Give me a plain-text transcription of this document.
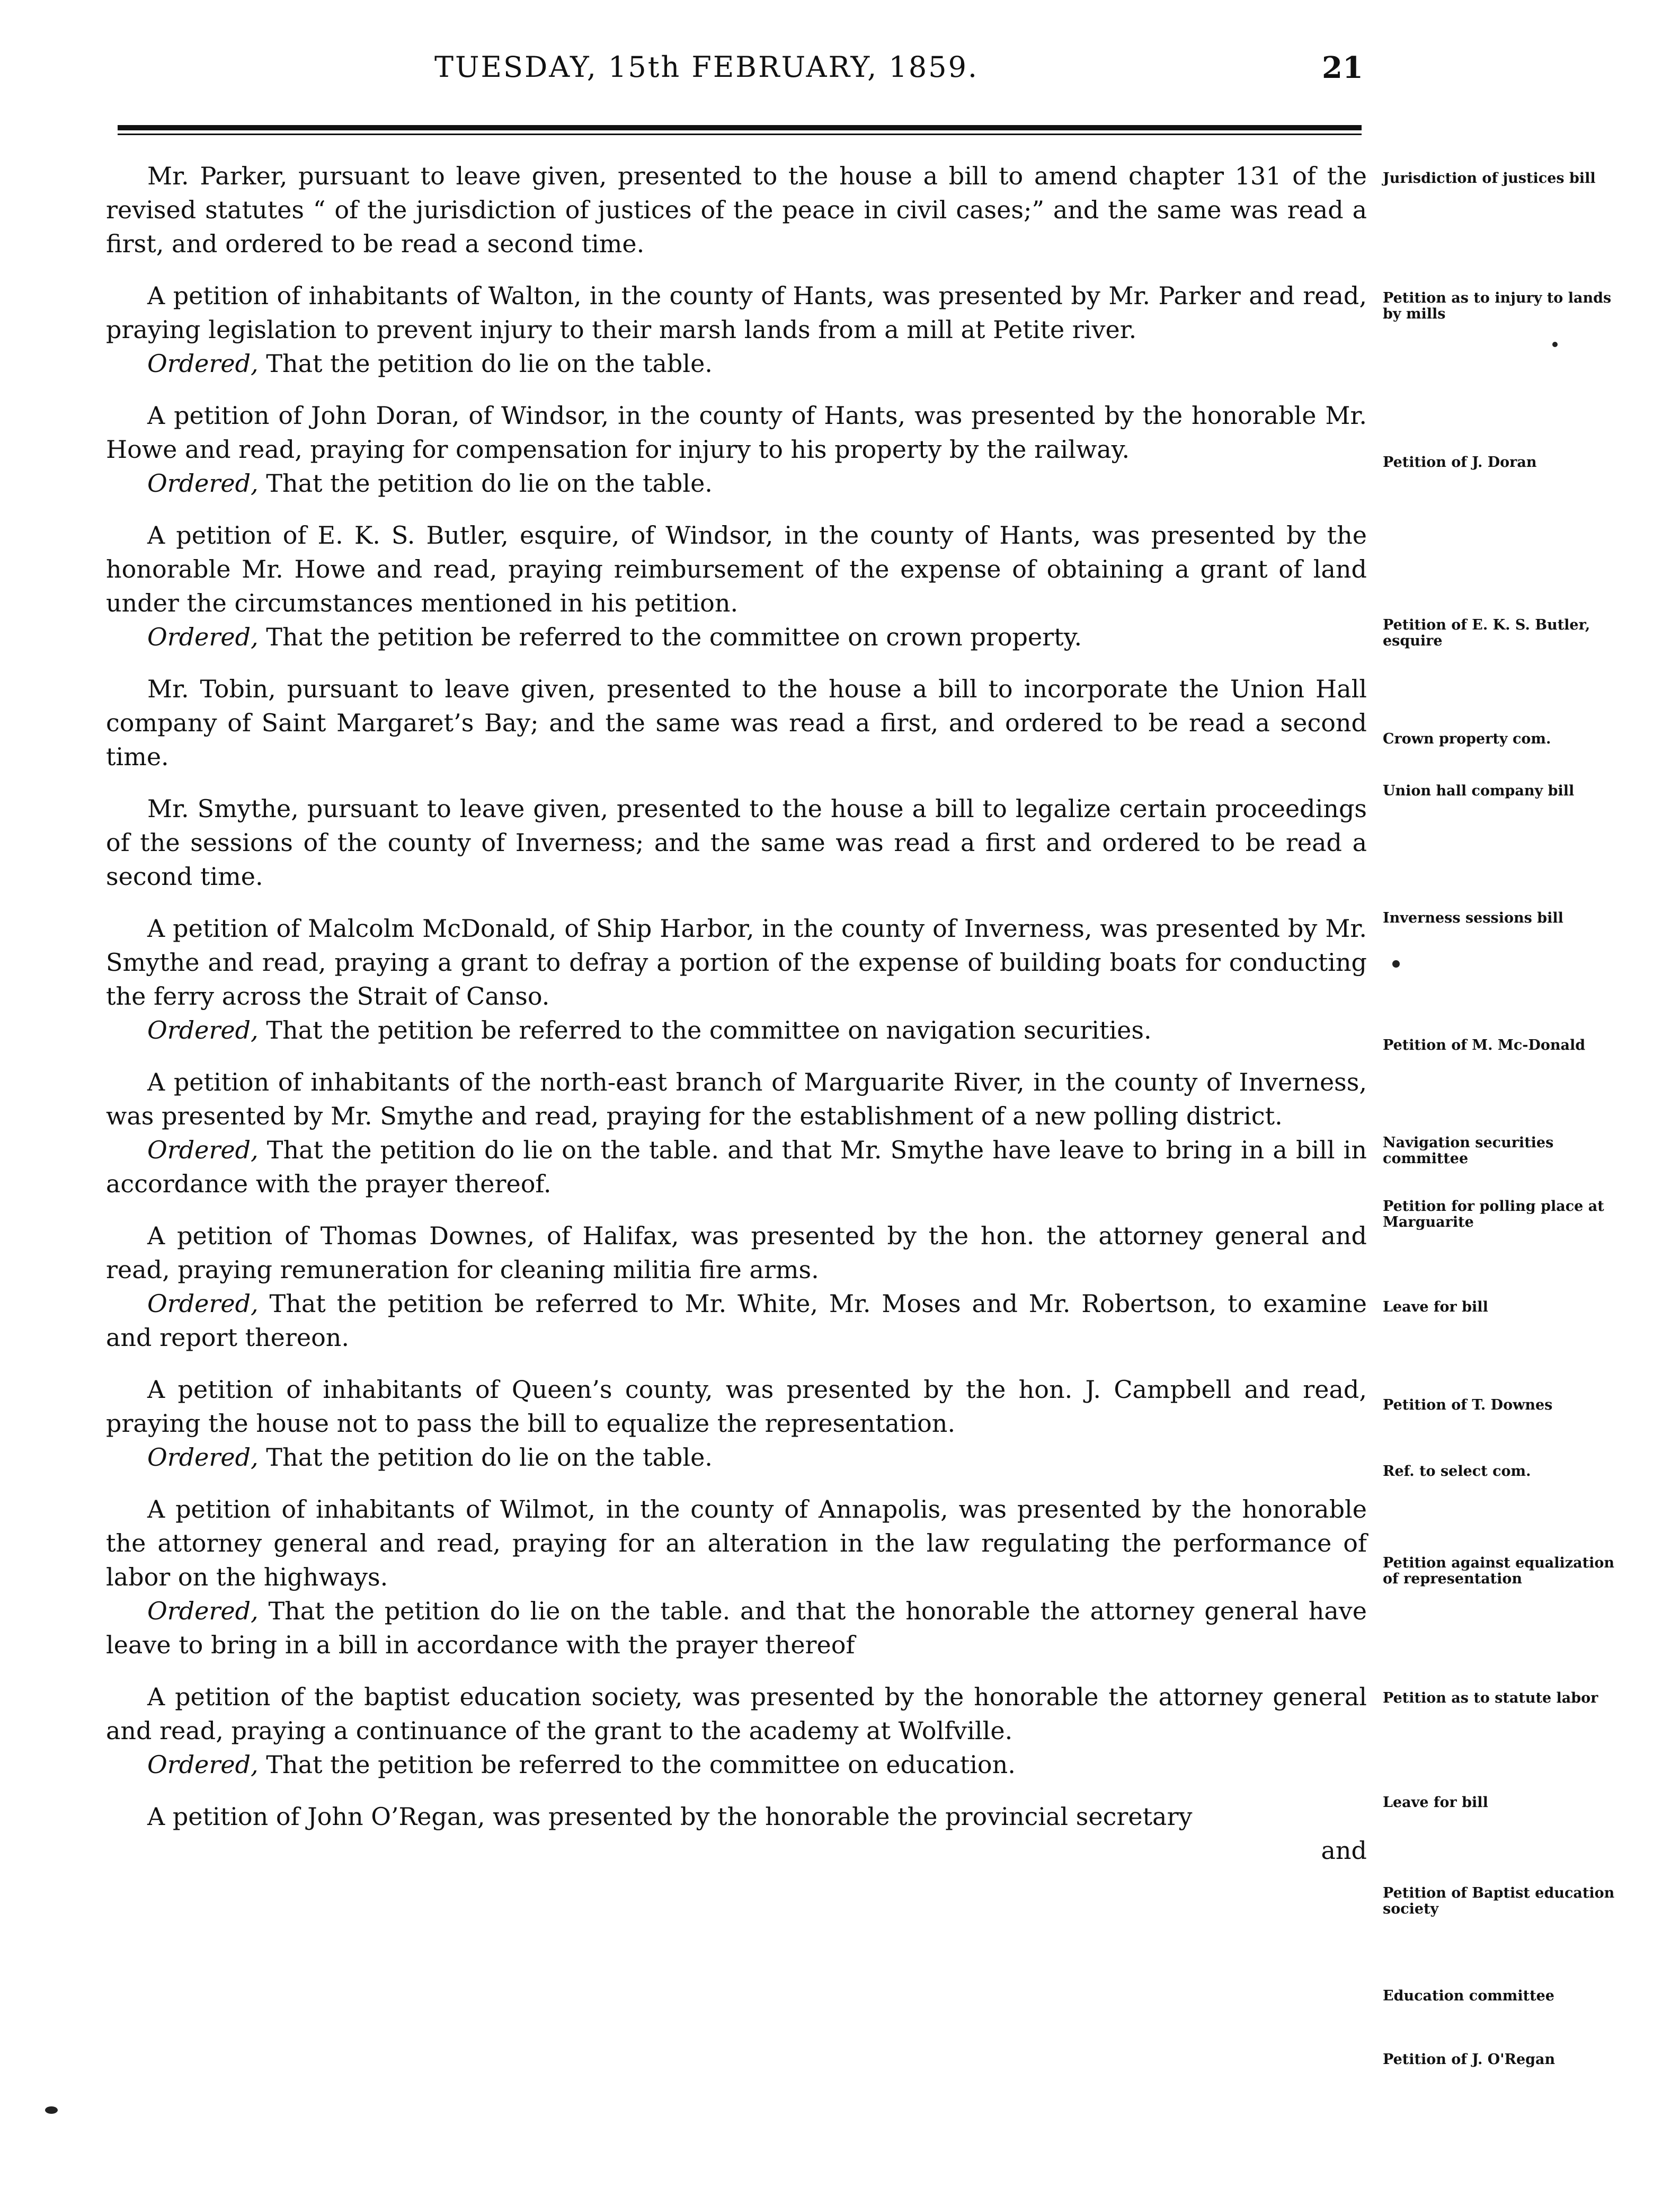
TUESDAY, 15th FEBRUARY, 1859.	21

Mr. Parker, pursuant to leave given, presented to the house a bill to amend chapter 131 of the revised statutes “ of the jurisdiction of justices of the peace in civil cases;” and the same was read a first, and ordered to be read a second time.

A petition of inhabitants of Walton, in the county of Hants, was presented by Mr. Parker and read, praying legislation to prevent injury to their marsh lands from a mill at Petite river.

Ordered, That the petition do lie on the table.

A petition of John Doran, of Windsor, in the county of Hants, was presented by the honorable Mr. Howe and read, praying for compensation for injury to his property by the railway.

Ordered, That the petition do lie on the table.

A petition of E. K. S. Butler, esquire, of Windsor, in the county of Hants, was presented by the honorable Mr. Howe and read, praying reimbursement of the expense of obtaining a grant of land under the circumstances mentioned in his petition.

Ordered, That the petition be referred to the committee on crown property.

Mr. Tobin, pursuant to leave given, presented to the house a bill to incorporate the Union Hall company of Saint Margaret’s Bay; and the same was read a first, and ordered to be read a second time.

Mr. Smythe, pursuant to leave given, presented to the house a bill to legalize certain proceedings of the sessions of the county of Inverness; and the same was read a first and ordered to be read a second time.

A petition of Malcolm McDonald, of Ship Harbor, in the county of Inverness, was presented by Mr. Smythe and read, praying a grant to defray a portion of the expense of building boats for conducting the ferry across the Strait of Canso.

Ordered, That the petition be referred to the committee on navigation securities.

A petition of inhabitants of the north-east branch of Marguarite River, in the county of Inverness, was presented by Mr. Smythe and read, praying for the establishment of a new polling district.

Ordered, That the petition do lie on the table. and that Mr. Smythe have leave to bring in a bill in accordance with the prayer thereof.

A petition of Thomas Downes, of Halifax, was presented by the hon. the attorney general and read, praying remuneration for cleaning militia fire arms.

Ordered, That the petition be referred to Mr. White, Mr. Moses and Mr. Robertson, to examine and report thereon.

A petition of inhabitants of Queen’s county, was presented by the hon. J. Campbell and read, praying the house not to pass the bill to equalize the representation.

Ordered, That the petition do lie on the table.

A petition of inhabitants of Wilmot, in the county of Annapolis, was presented by the honorable the attorney general and read, praying for an alteration in the law regulating the performance of labor on the highways.

Ordered, That the petition do lie on the table. and that the honorable the attorney general have leave to bring in a bill in accordance with the prayer thereof

A petition of the baptist education society, was presented by the honorable the attorney general and read, praying a continuance of the grant to the academy at Wolfville.

Ordered, That the petition be referred to the committee on education.

A petition of John O’Regan, was presented by the honorable the provincial secretary

and

Jurisdiction of justices bill
Petition as to injury to lands by mills
Petition of J. Doran
Petition of E. K. S. Butler, esquire
Crown property com.
Union hall company bill
Inverness sessions bill
Petition of M. Mc-Donald
Navigation securities committee
Petition for polling place at Marguarite
Leave for bill
Petition of T. Downes
Ref. to select com.
Petition against equalization of representation
Petition as to statute labor
Leave for bill
Petition of Baptist education society
Education committee
Petition of J. O'Regan
